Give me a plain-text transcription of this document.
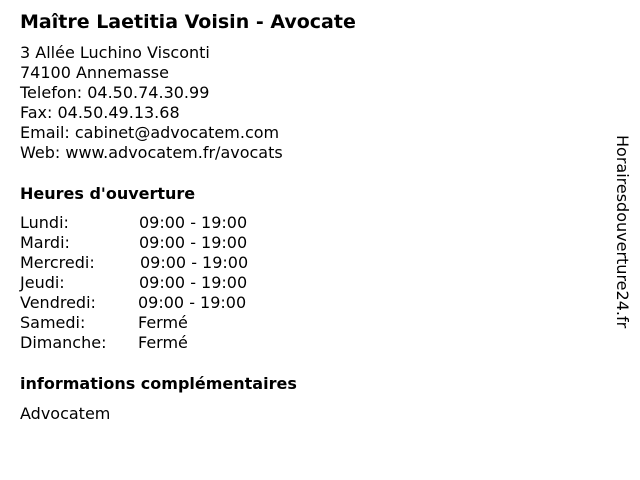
Maître Laetitia Voisin - Avocate
3 Allée Luchino Visconti
74100 Annemasse
Telefon: 04.50.74.30.99
Fax: 04.50.49.13.68
Email: cabinet@advocatem.com
Web: www.advocatem.fr/avocats
Heures d'ouverture
Lundi:	09:00 - 19:00
Mardi:	09:00 - 19:00
Mercredi:	09:00 - 19:00
Jeudi:	09:00 - 19:00
Vendredi:	09:00 - 19:00
Samedi:	Fermé
Dimanche: Fermé
informations complémentaires
Advocatem
Horairesdouverture24.fr
